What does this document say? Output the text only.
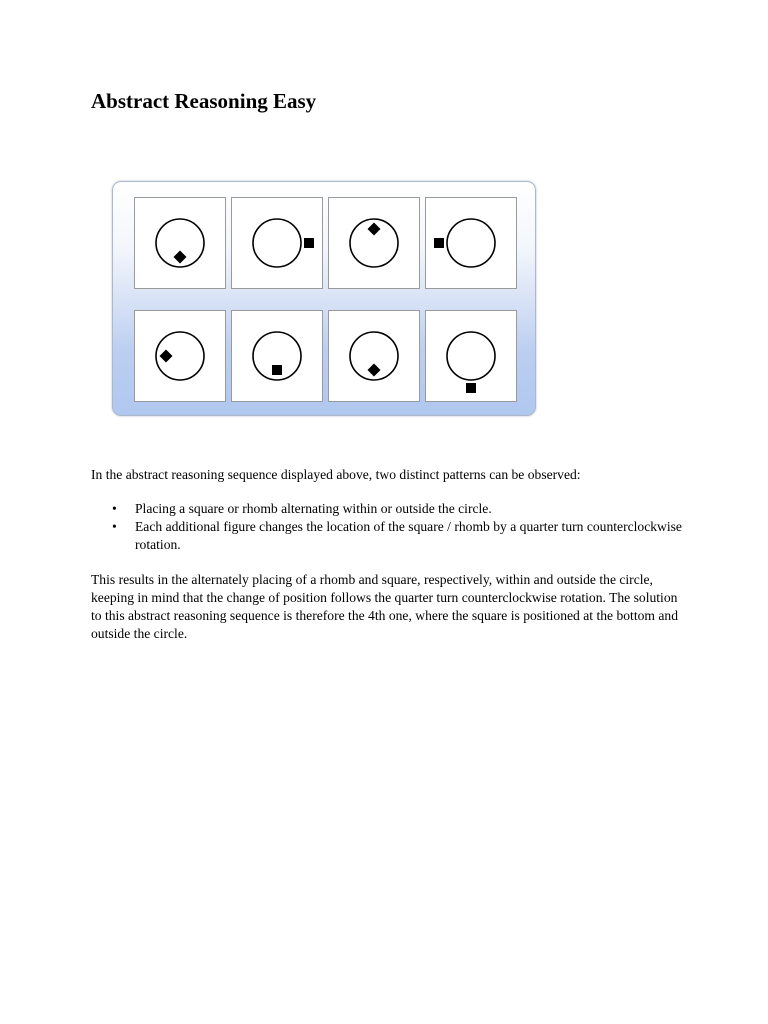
Abstract Reasoning Easy

In the abstract reasoning sequence displayed above, two distinct patterns can be observed:

• Placing a square or rhomb alternating within or outside the circle.
• Each additional figure changes the location of the square / rhomb by a quarter turn counterclockwise rotation.

This results in the alternately placing of a rhomb and square, respectively, within and outside the circle, keeping in mind that the change of position follows the quarter turn counterclockwise rotation. The solution to this abstract reasoning sequence is therefore the 4th one, where the square is positioned at the bottom and outside the circle.
